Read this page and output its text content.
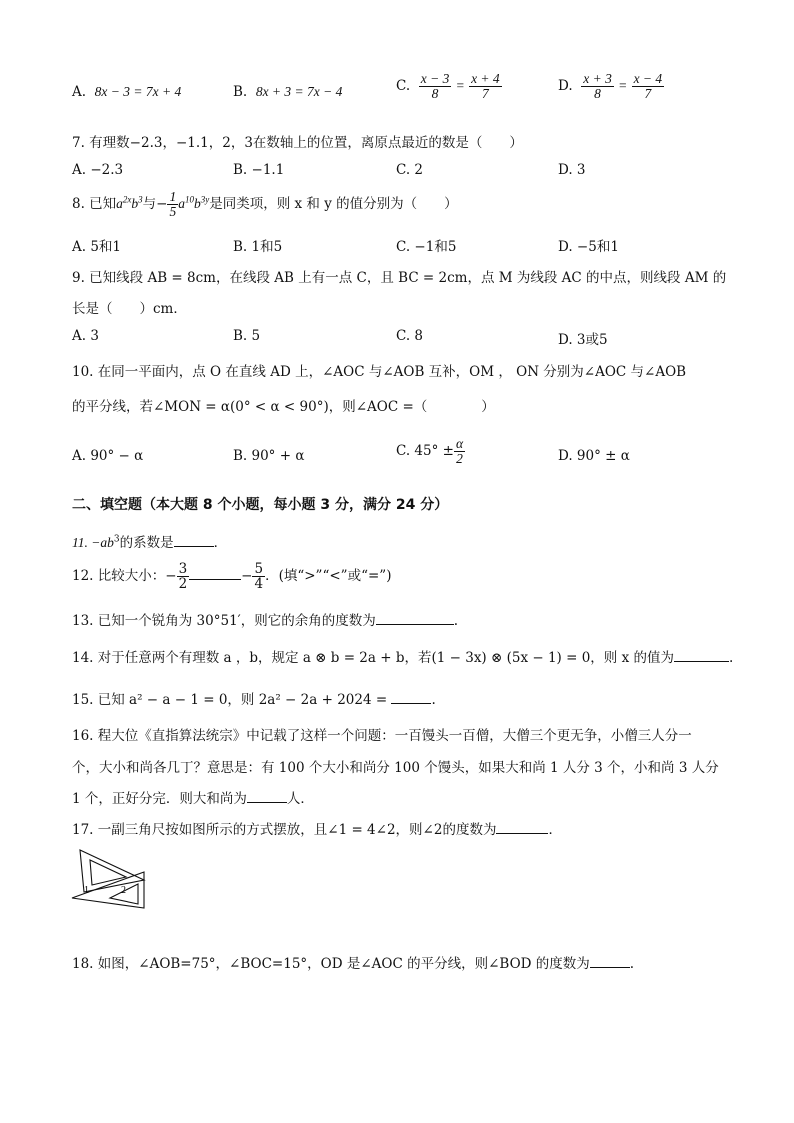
A. 8x − 3 = 7x + 4	B. 8x + 3 = 7x − 4	C. $\frac{x - 3}{8} = \frac{x + 4}{7}$	D. $\frac{x + 3}{8} = \frac{x - 4}{7}$
7. 有理数−2.3，−1.1，2，3在数轴上的位置，离原点最近的数是（　　）
A. −2.3	B. −1.1	C. 2	D. 3
8. 已知$a^{2x}b^3$与− $\frac{1}{5} a^{10}b^{3y}$是同类项，则 x 和 y 的值分别为（　　）
A. 5和1	B. 1和5	C. −1和5	D. −5和1
9. 已知线段 AB = 8cm，在线段 AB 上有一点 C，且 BC = 2cm，点 M 为线段 AC 的中点，则线段 AM 的
长是（　　）cm．
A. 3	B. 5	C. 8	D. 3或5
10. 在同一平面内，点 O 在直线 AD 上，∠AOC 与∠AOB 互补，OM ， ON 分别为∠AOC 与∠AOB
的平分线，若∠MON = α(0° < α < 90°)，则∠AOC =（　　　　）
A. 90° − α	B. 90° + α	C. $45^\circ \pm \frac{\alpha}{2}$	D. 90° ± α
二、填空题（本大题 8 个小题，每小题 3 分，满分 24 分）
11. $-ab^3$的系数是	．
12. 比较大小：− $\frac{3}{2}$	− $\frac{5}{4}$ ．(填“>”“<”或“=”)
13. 已知一个锐角为 30°51′，则它的余角的度数为	.
14. 对于任意两个有理数 a ，b，规定 a ⊗ b = 2a + b，若(1 − 3x) ⊗ (5x − 1) = 0，则 x 的值为	.
15. 已知 a² − a − 1 = 0，则 2a² − 2a + 2024 =	.
16. 程大位《直指算法统宗》中记载了这样一个问题：一百馒头一百僧，大僧三个更无争，小僧三人分一
个，大小和尚各几丁？意思是：有 100 个大小和尚分 100 个馒头，如果大和尚 1 人分 3 个，小和尚 3 人分
1 个，正好分完．则大和尚为	人．
17. 一副三角尺按如图所示的方式摆放，且∠1 = 4∠2，则∠2的度数为	．
1	2
18. 如图，∠AOB=75°，∠BOC=15°，OD 是∠AOC 的平分线，则∠BOD 的度数为	.
